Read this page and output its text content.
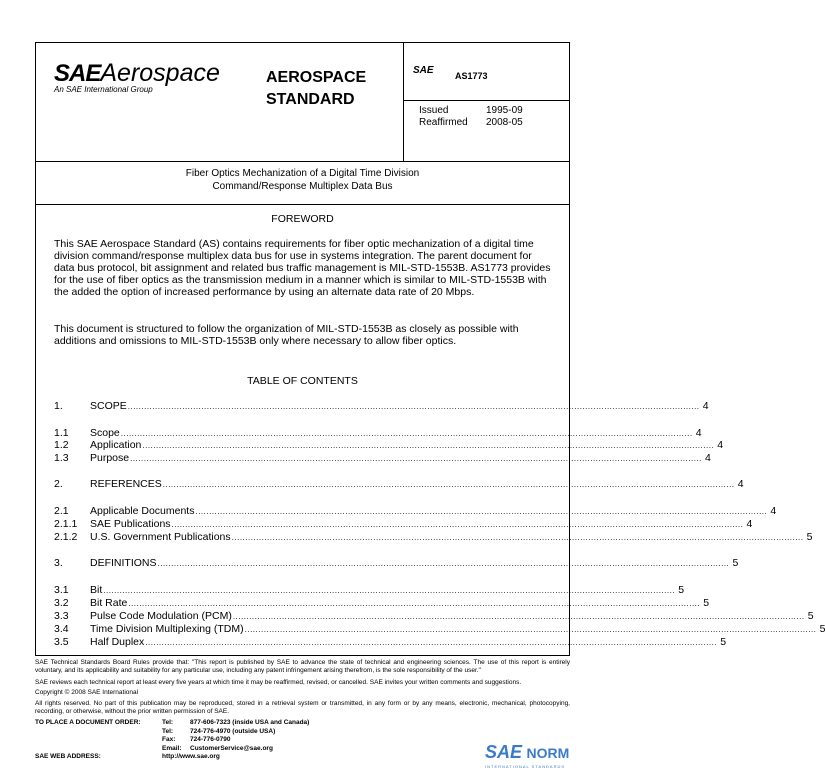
SAEAerospace
An SAE International Group
AEROSPACE
STANDARD
SAE AS1773
Issued	1995-09
Reaffirmed	2008-05
Fiber Optics Mechanization of a Digital Time Division
Command/Response Multiplex Data Bus
FOREWORD
This SAE Aerospace Standard (AS) contains requirements for fiber optic mechanization of a digital time division command/response multiplex data bus for use in systems integration. The parent document for data bus protocol, bit assignment and related bus traffic management is MIL-STD-1553B. AS1773 provides for the use of fiber optics as the transmission medium in a manner which is similar to MIL-STD-1553B with the added the option of increased performance by using an alternate data rate of 20 Mbps.
This document is structured to follow the organization of MIL-STD-1553B as closely as possible with additions and omissions to MIL-STD-1553B only where necessary to allow fiber optics.
TABLE OF CONTENTS
1.	SCOPE .................................................................................................................................................................................................................. 4
1.1	Scope .................................................................................................................................................................................................................. 4
1.2	Application .................................................................................................................................................................................................................. 4
1.3	Purpose .................................................................................................................................................................................................................. 4
2.	REFERENCES .................................................................................................................................................................................................................. 4
2.1	Applicable Documents .................................................................................................................................................................................................................. 4
2.1.1	SAE Publications .................................................................................................................................................................................................................. 4
2.1.2	U.S. Government Publications .................................................................................................................................................................................................................. 5
3.	DEFINITIONS .................................................................................................................................................................................................................. 5
3.1	Bit .................................................................................................................................................................................................................. 5
3.2	Bit Rate .................................................................................................................................................................................................................. 5
3.3	Pulse Code Modulation (PCM) .................................................................................................................................................................................................................. 5
3.4	Time Division Multiplexing (TDM) .................................................................................................................................................................................................................. 5
3.5	Half Duplex .................................................................................................................................................................................................................. 5
SAE Technical Standards Board Rules provide that: "This report is published by SAE to advance the state of technical and engineering sciences. The use of this report is entirely voluntary, and its applicability and suitability for any particular use, including any patent infringement arising therefrom, is the sole responsibility of the user."
SAE reviews each technical report at least every five years at which time it may be reaffirmed, revised, or cancelled. SAE invites your written comments and suggestions.
Copyright © 2008 SAE International
All rights reserved. No part of this publication may be reproduced, stored in a retrieval system or transmitted, in any form or by any means, electronic, mechanical, photocopying, recording, or otherwise, without the prior written permission of SAE.
TO PLACE A DOCUMENT ORDER:	Tel:	877-606-7323 (inside USA and Canada)
Tel:	724-776-4970 (outside USA)
Fax:	724-776-0790
Email:	CustomerService@sae.org
SAE WEB ADDRESS:	http://www.sae.org	SAE NORM
INTERNATIONAL STANDARDS
